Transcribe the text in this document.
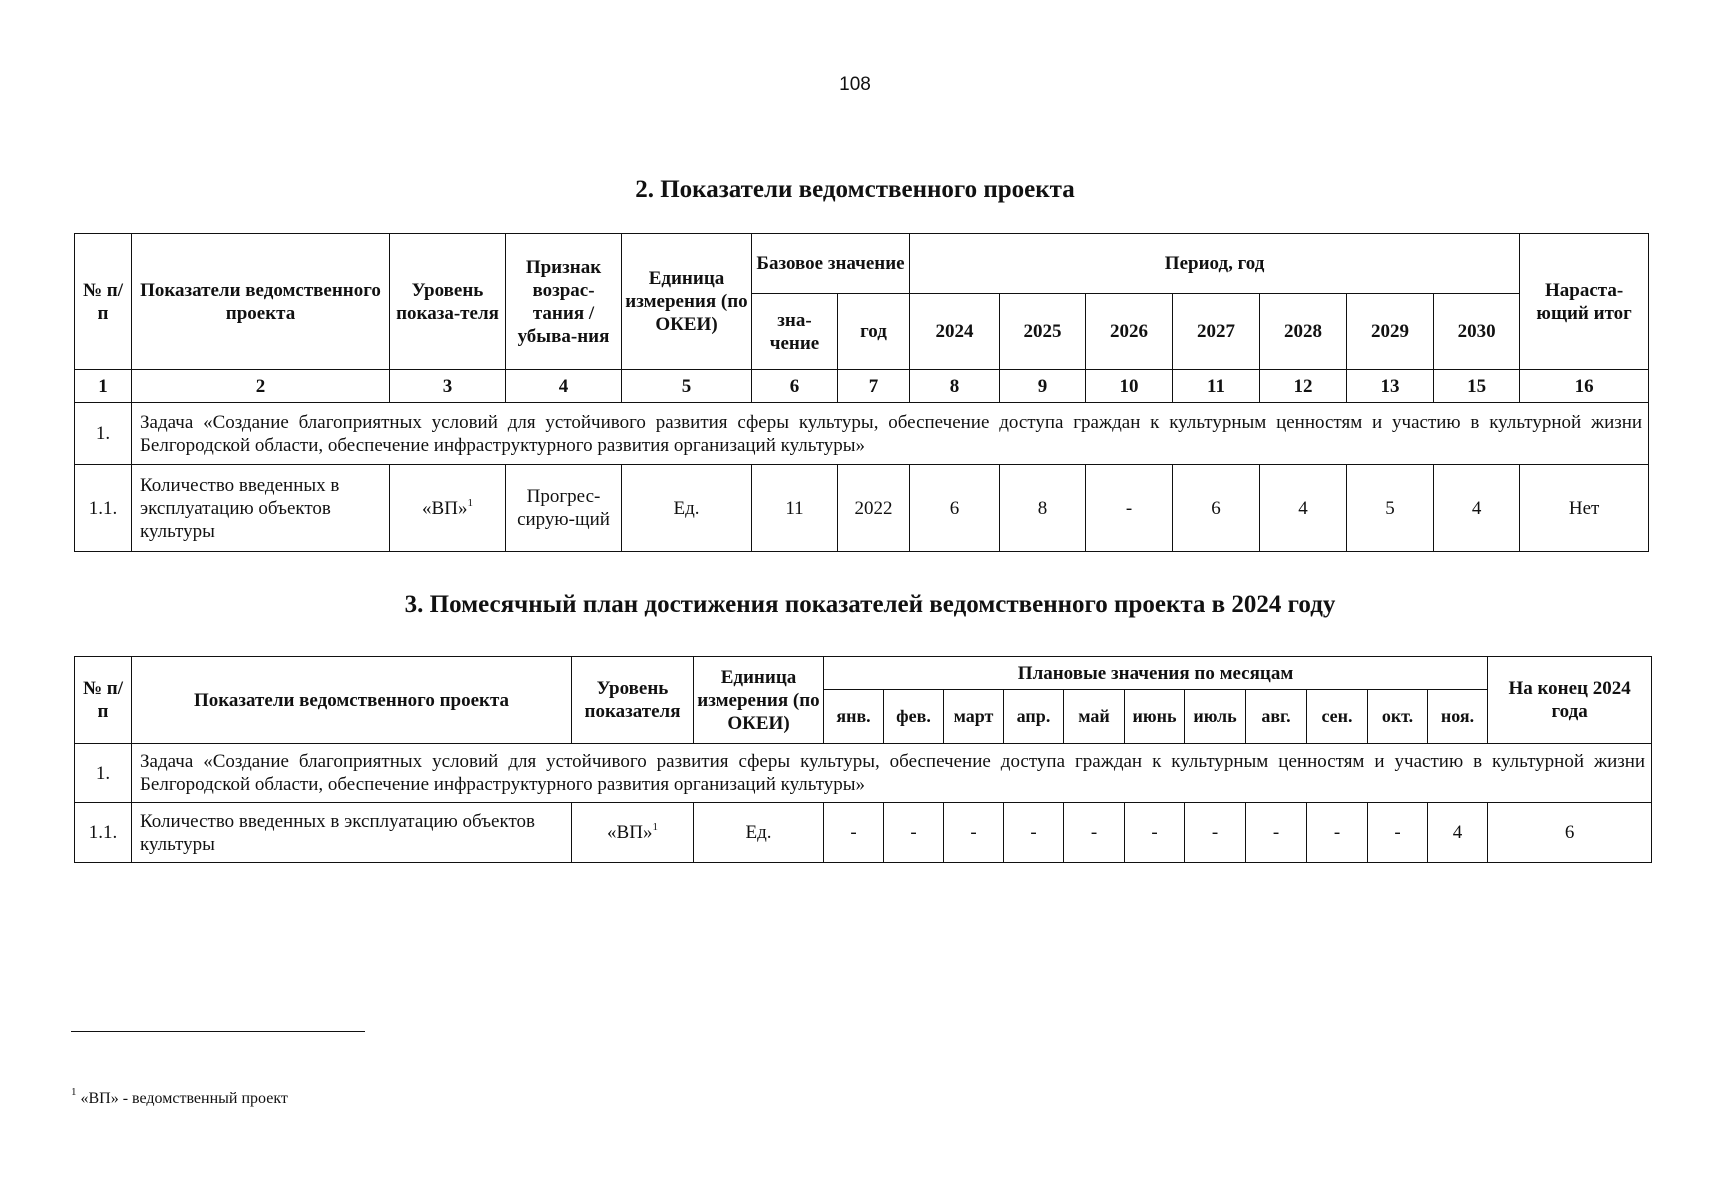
108
2. Показатели ведомственного проекта
№ п/п	Показатели ведомственного проекта	Уровень показа-теля	Признак возрас-тания / убыва-ния	Единица измерения (по ОКЕИ)	Базовое значение		Период, год							Нараста-ющий итог
					зна-чение	год	2024	2025	2026	2027	2028	2029	2030	
1	2	3	4	5	6	7	8	9	10	11	12	13	15	16
1.	Задача «Создание благоприятных условий для устойчивого развития сферы культуры, обеспечение доступа граждан к культурным ценностям и участию в культурной жизни Белгородской области, обеспечение инфраструктурного развития организаций культуры»													
1.1.	Количество введенных в эксплуатацию объектов культуры	«ВП»$^1$	Прогрес-сирую-щий	Ед.	11	2022	6	8	-	6	4	5	4	Нет
3. Помесячный план достижения показателей ведомственного проекта в 2024 году
№ п/п	Показатели ведомственного проекта	Уровень показателя	Единица измерения (по ОКЕИ)	Плановые значения по месяцам											На конец 2024 года
				янв.	фев.	март	апр.	май	июнь	июль	авг.	сен.	окт.	ноя.	
1.	Задача «Создание благоприятных условий для устойчивого развития сферы культуры, обеспечение доступа граждан к культурным ценностям и участию в культурной жизни Белгородской области, обеспечение инфраструктурного развития организаций культуры»														
1.1.	Количество введенных в эксплуатацию объектов культуры	«ВП»$^1$	Ед.	-	-	-	-	-	-	-	-	-	-	4	6
$^1$ «ВП» - ведомственный проект
